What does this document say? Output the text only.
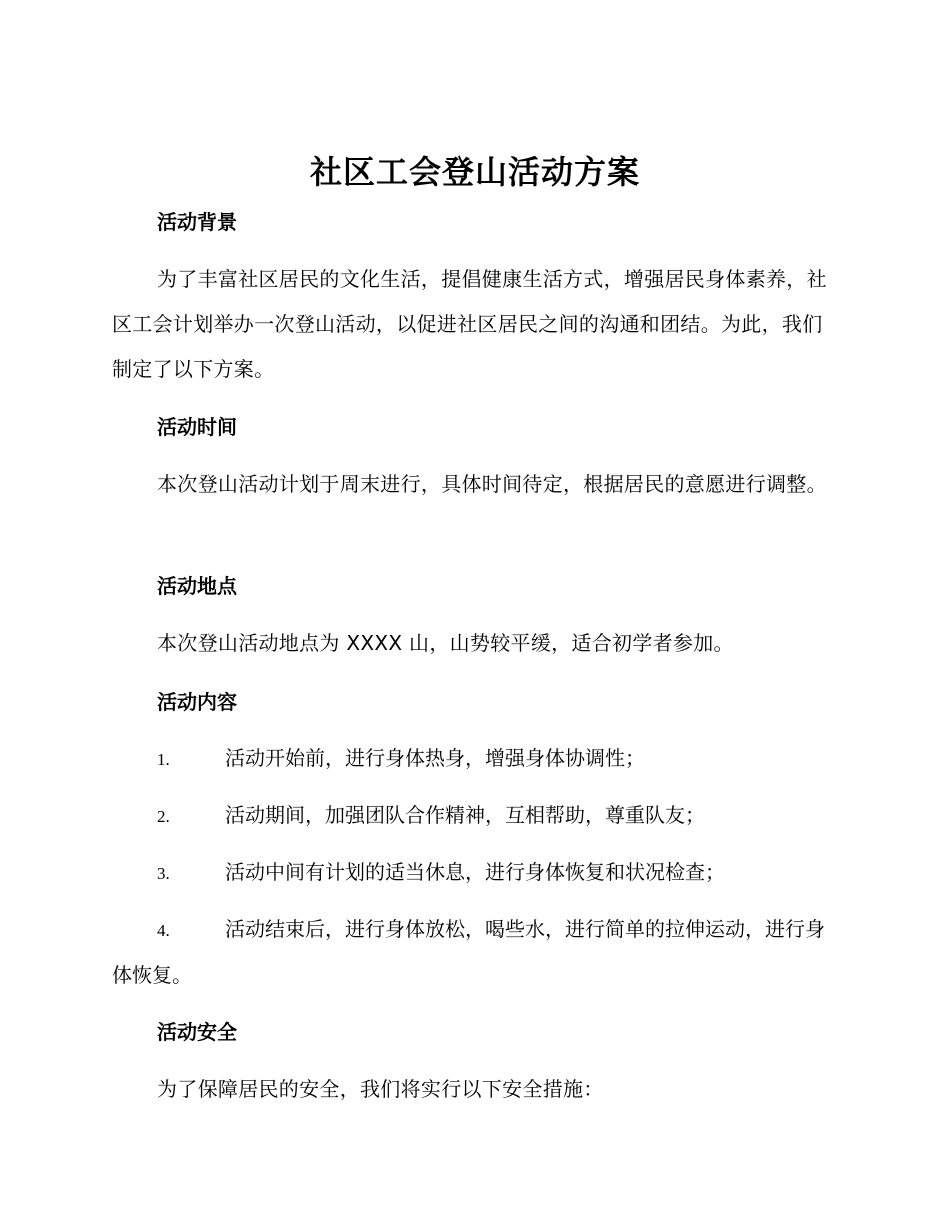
社区工会登山活动方案
活动背景
为了丰富社区居民的文化生活，提倡健康生活方式，增强居民身体素养，社区工会计划举办一次登山活动，以促进社区居民之间的沟通和团结。为此，我们制定了以下方案。
活动时间
本次登山活动计划于周末进行，具体时间待定，根据居民的意愿进行调整。
活动地点
本次登山活动地点为 XXXX 山，山势较平缓，适合初学者参加。
活动内容
1.	活动开始前，进行身体热身，增强身体协调性；
2.	活动期间，加强团队合作精神，互相帮助，尊重队友；
3.	活动中间有计划的适当休息，进行身体恢复和状况检查；
4.	活动结束后，进行身体放松，喝些水，进行简单的拉伸运动，进行身体恢复。
活动安全
为了保障居民的安全，我们将实行以下安全措施：
